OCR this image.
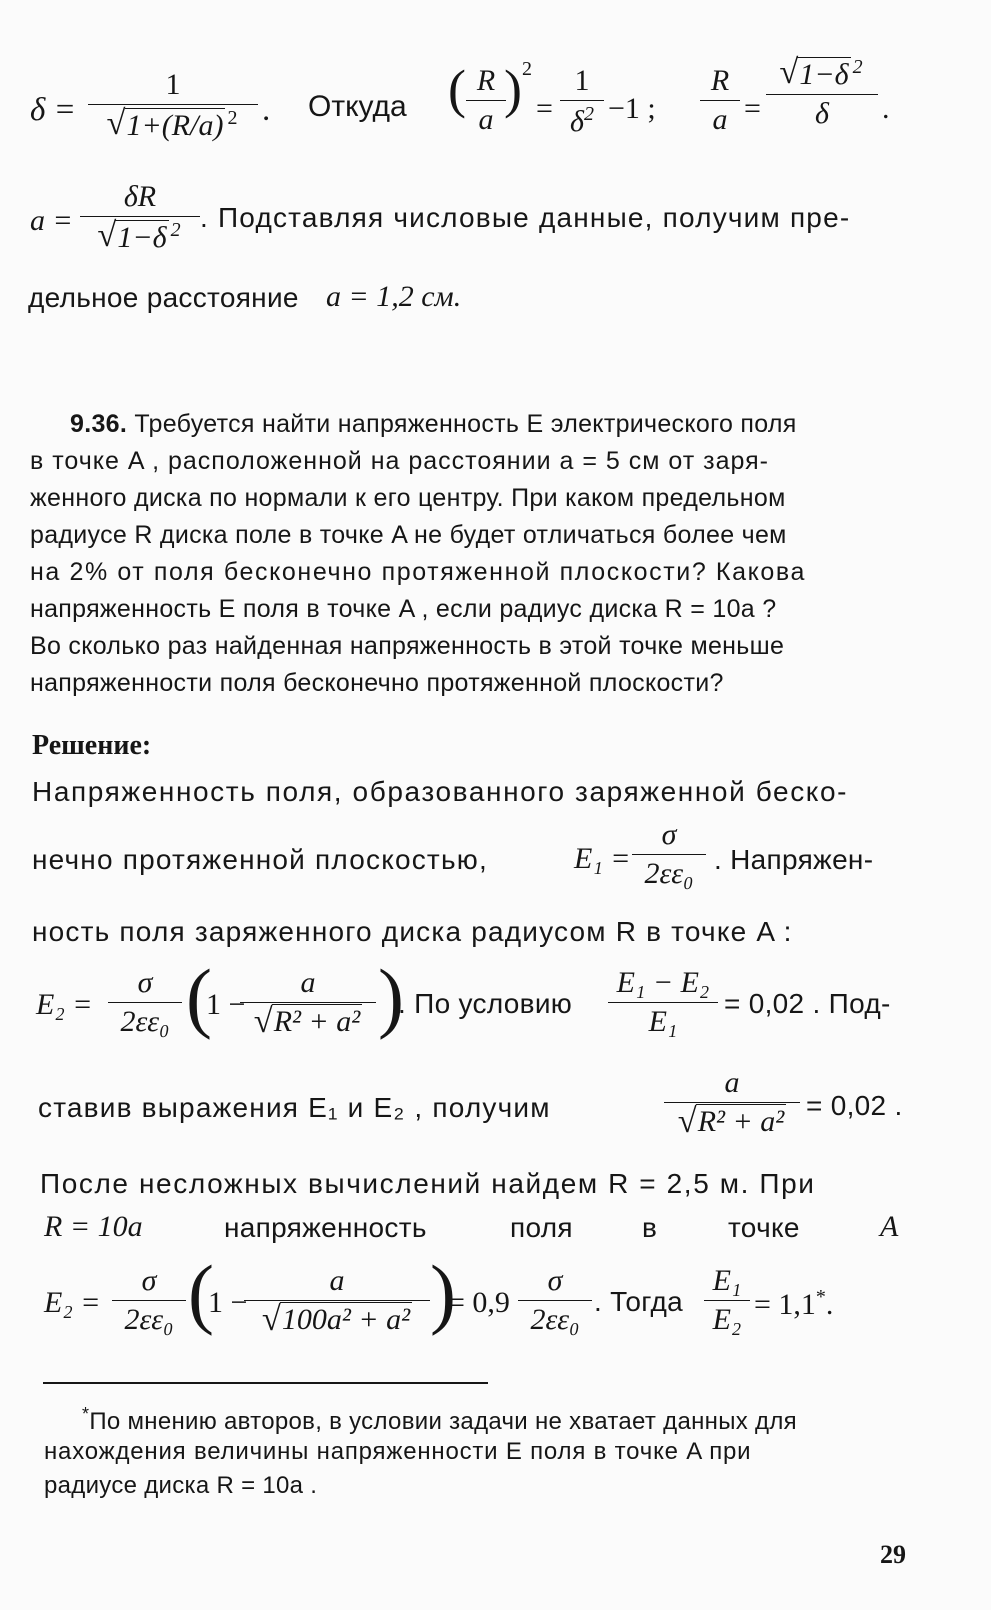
δ = 1
√ 1+(R/a) $^2$ . Откуда ( $\frac{R}{a}$
) 2
= $\frac{1}{\delta^2} -1$ ; $\frac{R}{a}$ =
√ $\frac{1-\delta ^2}{\delta}$ .
a = δR
√ 1−δ $^2$ . Подставляя числовые данные, получим пре-
дельное расстояние a = 1,2 см.
9.36. Требуется найти напряженность E электрического поля
в точке A , расположенной на расстоянии a = 5 см от заря-
женного диска по нормали к его центру. При каком предельном
радиусе R диска поле в точке A не будет отличаться более чем
на 2% от поля бесконечно протяженной плоскости? Какова
напряженность E поля в точке A , если радиус диска R = 10a ?
Во сколько раз найденная напряженность в этой точке меньше
напряженности поля бесконечно протяженной плоскости?
Решение:
Напряженность поля, образованного заряженной беско-
нечно протяженной плоскостью,	$E_1 = \frac{\sigma}{\text{2εε₀}}$ . Напряжен-
ность поля заряженного диска радиусом R в точке A :
$E_2 = \frac{\sigma}{\text{2εε₀}}$ (
1 −
a
√ R² + a² )
. По условию $\frac{\text{E₁ − E₂}}{\text{E₁}} = 0,02$ . Под-
ставив выражения E₁ и E₂ , получим	a
√ R² + a² = 0,02 .
После несложных вычислений найдем R = 2,5 м. При
R = 10a	напряженность	поля в	точке	A
$E_2 = \frac{\sigma}{\text{2εε₀}}$ (
1 −
a
√ 100a² + a² )
= $0,9 \frac{\sigma}{\text{2εε₀}}$ . Тогда $\frac{\text{E₁}}{\text{E₂}} = 1,1^*$.
*По мнению авторов, в условии задачи не хватает данных для
нахождения величины напряженности E поля в точке A при
радиусе диска R = 10a .
29
